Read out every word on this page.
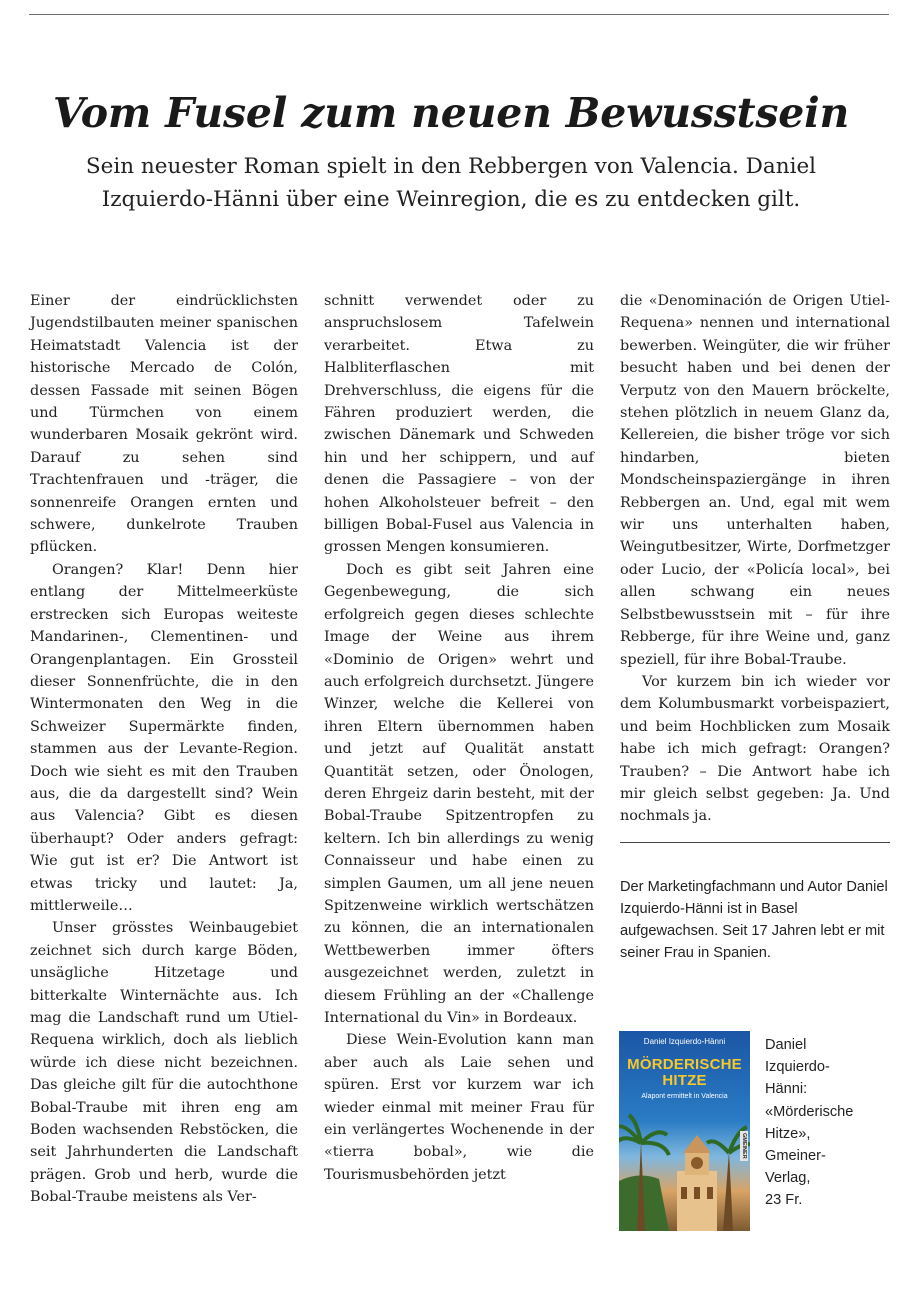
Vom Fusel zum neuen Bewusstsein
Sein neuester Roman spielt in den Rebbergen von Valencia. Daniel
Izquierdo-Hänni über eine Weinregion, die es zu entdecken gilt.

Einer der eindrücklichsten Jugendstilbauten meiner spanischen Heimatstadt Valencia ist der historische Mercado de Colón, dessen Fassade mit seinen Bögen und Türmchen von einem wunderbaren Mosaik gekrönt wird. Darauf zu sehen sind Trachtenfrauen und -träger, die sonnenreife Orangen ernten und schwere, dunkelrote Trauben pflücken.

Orangen? Klar! Denn hier entlang der Mittelmeerküste erstrecken sich Europas weiteste Mandarinen-, Clementinen- und Orangenplantagen. Ein Grossteil dieser Sonnenfrüchte, die in den Wintermonaten den Weg in die Schweizer Supermärkte finden, stammen aus der Levante-Region. Doch wie sieht es mit den Trauben aus, die da dargestellt sind? Wein aus Valencia? Gibt es diesen überhaupt? Oder anders gefragt: Wie gut ist er? Die Antwort ist etwas tricky und lautet: Ja, mittlerweile…

Unser grösstes Weinbaugebiet zeichnet sich durch karge Böden, unsägliche Hitzetage und bitterkalte Winternächte aus. Ich mag die Landschaft rund um Utiel-Requena wirklich, doch als lieblich würde ich diese nicht bezeichnen. Das gleiche gilt für die autochthone Bobal-Traube mit ihren eng am Boden wachsenden Rebstöcken, die seit Jahrhunderten die Landschaft prägen. Grob und herb, wurde die Bobal-Traube meistens als Ver-

schnitt verwendet oder zu anspruchslosem Tafelwein verarbeitet. Etwa zu Halbliterflaschen mit Drehverschluss, die eigens für die Fähren produziert werden, die zwischen Dänemark und Schweden hin und her schippern, und auf denen die Passagiere – von der hohen Alkoholsteuer befreit – den billigen Bobal-Fusel aus Valencia in grossen Mengen konsumieren.

Doch es gibt seit Jahren eine Gegenbewegung, die sich erfolgreich gegen dieses schlechte Image der Weine aus ihrem «Dominio de Origen» wehrt und auch erfolgreich durchsetzt. Jüngere Winzer, welche die Kellerei von ihren Eltern übernommen haben und jetzt auf Qualität anstatt Quantität setzen, oder Önologen, deren Ehrgeiz darin besteht, mit der Bobal-Traube Spitzentropfen zu keltern. Ich bin allerdings zu wenig Connaisseur und habe einen zu simplen Gaumen, um all jene neuen Spitzenweine wirklich wertschätzen zu können, die an internationalen Wettbewerben immer öfters ausgezeichnet werden, zuletzt in diesem Frühling an der «Challenge International du Vin» in Bordeaux.

Diese Wein-Evolution kann man aber auch als Laie sehen und spüren. Erst vor kurzem war ich wieder einmal mit meiner Frau für ein verlängertes Wochenende in der «tierra bobal», wie die Tourismusbehörden jetzt

die «Denominación de Origen Utiel-Requena» nennen und international bewerben. Weingüter, die wir früher besucht haben und bei denen der Verputz von den Mauern bröckelte, stehen plötzlich in neuem Glanz da, Kellereien, die bisher tröge vor sich hindarben, bieten Mondscheinspaziergänge in ihren Rebbergen an. Und, egal mit wem wir uns unterhalten haben, Weingutbesitzer, Wirte, Dorfmetzger oder Lucio, der «Policía local», bei allen schwang ein neues Selbstbewusstsein mit – für ihre Rebberge, für ihre Weine und, ganz speziell, für ihre Bobal-Traube.

Vor kurzem bin ich wieder vor dem Kolumbusmarkt vorbeispaziert, und beim Hochblicken zum Mosaik habe ich mich gefragt: Orangen? Trauben? – Die Antwort habe ich mir gleich selbst gegeben: Ja. Und nochmals ja.

Der Marketingfachmann und Autor Daniel Izquierdo-Hänni ist in Basel aufgewachsen. Seit 17 Jahren lebt er mit seiner Frau in Spanien.

Daniel Izquierdo-Hänni
MÖRDERISCHE HITZE
Alapont ermittelt in Valencia
GMEINER

Daniel
Izquierdo-
Hänni:
«Mörderische
Hitze»,
Gmeiner-
Verlag,
23 Fr.
